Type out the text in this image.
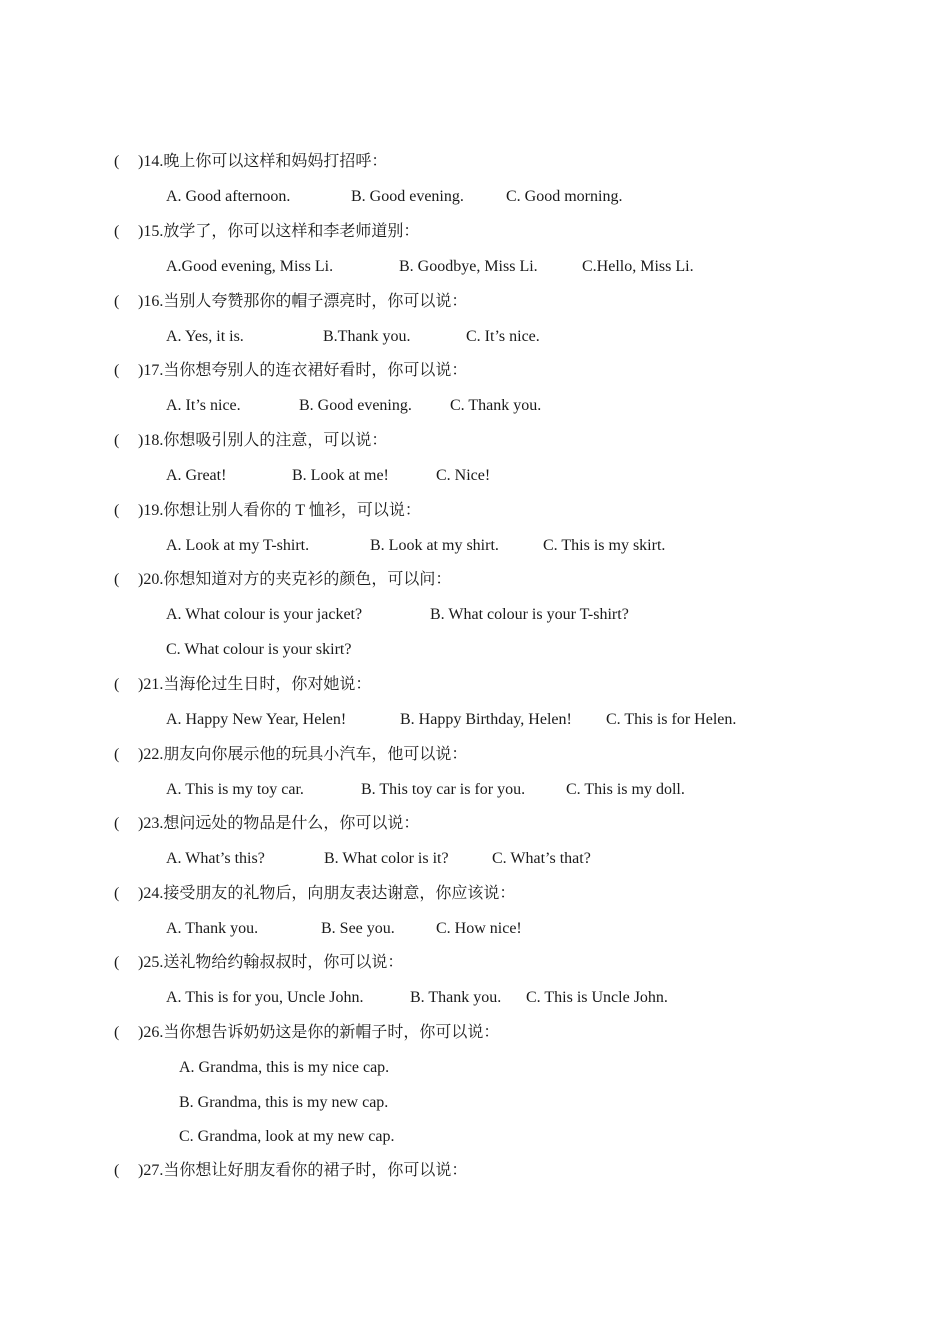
( )14.晚上你可以这样和妈妈打招呼：
A. Good afternoon.	B. Good evening.	C. Good morning.
( )15.放学了，你可以这样和李老师道别：
A.Good evening, Miss Li.	B. Goodbye, Miss Li.	C.Hello, Miss Li.
( )16.当别人夸赞那你的帽子漂亮时，你可以说：
A. Yes, it is.	B.Thank you.	C. It’s nice.
( )17.当你想夸别人的连衣裙好看时，你可以说：
A. It’s nice.	B. Good evening. C. Thank you.
( )18.你想吸引别人的注意，可以说：
A. Great!	B. Look at me!	C. Nice!
( )19.你想让别人看你的 T 恤衫，可以说：
A. Look at my T-shirt.	B. Look at my shirt.	C. This is my skirt.
( )20.你想知道对方的夹克衫的颜色，可以问：
A. What colour is your jacket?	B. What colour is your T-shirt?
C. What colour is your skirt?
( )21.当海伦过生日时，你对她说：
A. Happy New Year, Helen!	B. Happy Birthday, Helen! C. This is for Helen.
( )22.朋友向你展示他的玩具小汽车，他可以说：
A. This is my toy car.	B. This toy car is for you.	C. This is my doll.
( )23.想问远处的物品是什么，你可以说：
A. What’s this?	B. What color is it?	C. What’s that?
( )24.接受朋友的礼物后，向朋友表达谢意，你应该说：
A. Thank you.	B. See you.	C. How nice!
( )25.送礼物给约翰叔叔时，你可以说：
A. This is for you, Uncle John.	B. Thank you. C. This is Uncle John.
( )26.当你想告诉奶奶这是你的新帽子时，你可以说：
A. Grandma, this is my nice cap.
B. Grandma, this is my new cap.
C. Grandma, look at my new cap.
( )27.当你想让好朋友看你的裙子时，你可以说：
